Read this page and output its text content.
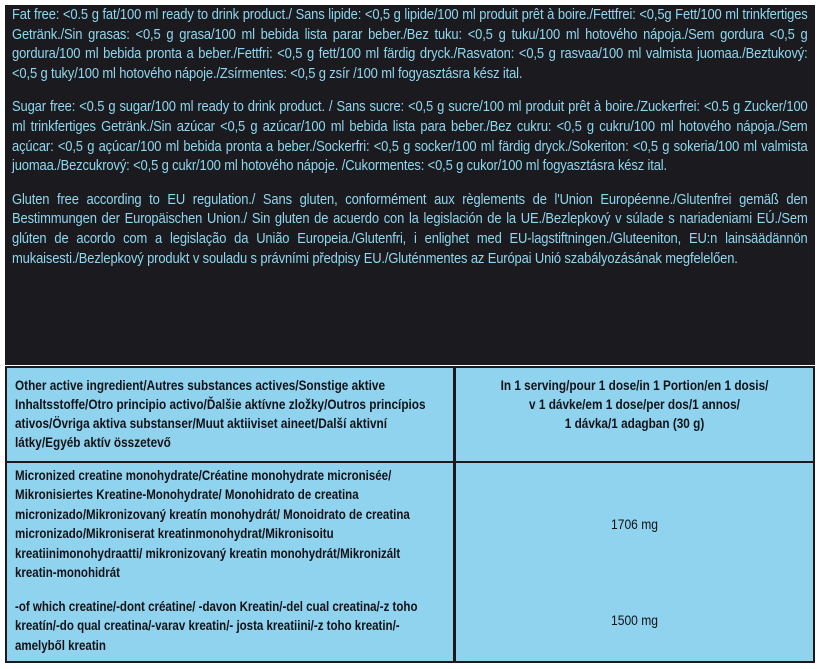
Fat free: <0.5 g fat/100 ml ready to drink product./ Sans lipide: <0,5 g lipide/100 ml produit prêt à boire./Fettfrei: <0,5g Fett/100 ml trinkfertiges Getränk./Sin grasas: <0,5 g grasa/100 ml bebida lista parar beber./Bez tuku: <0,5 g tuku/100 ml hotového nápoja./Sem gordura <0,5 g gordura/100 ml bebida pronta a beber./Fettfri: <0,5 g fett/100 ml färdig dryck./Rasvaton: <0,5 g rasvaa/100 ml valmista juomaa./Beztukový: <0,5 g tuky/100 ml hotového nápoje./Zsírmentes: <0,5 g zsír /100 ml fogyasztásra kész ital.

Sugar free: <0.5 g sugar/100 ml ready to drink product. / Sans sucre: <0,5 g sucre/100 ml produit prêt à boire./Zuckerfrei: <0.5 g Zucker/100 ml trinkfertiges Getränk./Sin azúcar <0,5 g azúcar/100 ml bebida lista para beber./Bez cukru: <0,5 g cukru/100 ml hotového nápoja./Sem açúcar: <0,5 g açúcar/100 ml bebida pronta a beber./Sockerfri: <0,5 g socker/100 ml färdig dryck./Sokeriton: <0,5 g sokeria/100 ml valmista juomaa./Bezcukrový: <0,5 g cukr/100 ml hotového nápoje. /Cukormentes: <0,5 g cukor/100 ml fogyasztásra kész ital.

Gluten free according to EU regulation./ Sans gluten, conformément aux règlements de l'Union Européenne./Glutenfrei gemäß den Bestimmungen der Europäischen Union./ Sin gluten de acuerdo con la legislación de la UE./Bezlepkový v súlade s nariadeniami EÚ./Sem glúten de acordo com a legislação da União Europeia./Glutenfri, i enlighet med EU-lagstiftningen./Gluteeniton, EU:n lainsäädännön mukaisesti./Bezlepkový produkt v souladu s právními předpisy EU./Gluténmentes az Európai Unió szabályozásának megfelelően.

Other active ingredient/Autres substances actives/Sonstige aktive Inhaltsstoffe/Otro principio activo/Ďalšie aktívne zložky/Outros princípios ativos/Övriga aktiva substanser/Muut aktiiviset aineet/Další aktivní látky/Egyéb aktív összetevő
In 1 serving/pour 1 dose/in 1 Portion/en 1 dosis/
v 1 dávke/em 1 dose/per dos/1 annos/
1 dávka/1 adagban (30 g)
Micronized creatine monohydrate/Créatine monohydrate micronisée/ Mikronisiertes Kreatine-Monohydrate/ Monohidrato de creatina micronizado/Mikronizovaný kreatín monohydrát/ Monoidrato de creatina micronizado/Mikroniserat kreatinmonohydrat/Mikronisoitu kreatiinimonohydraatti/ mikronizovaný kreatin monohydrát/Mikronizált kreatin-monohidrát
-of which creatine/-dont créatine/ -davon Kreatin/-del cual creatina/-z toho kreatín/-do qual creatina/-varav kreatin/- josta kreatiini/-z toho kreatin/-amelyből kreatin
1706 mg
1500 mg
